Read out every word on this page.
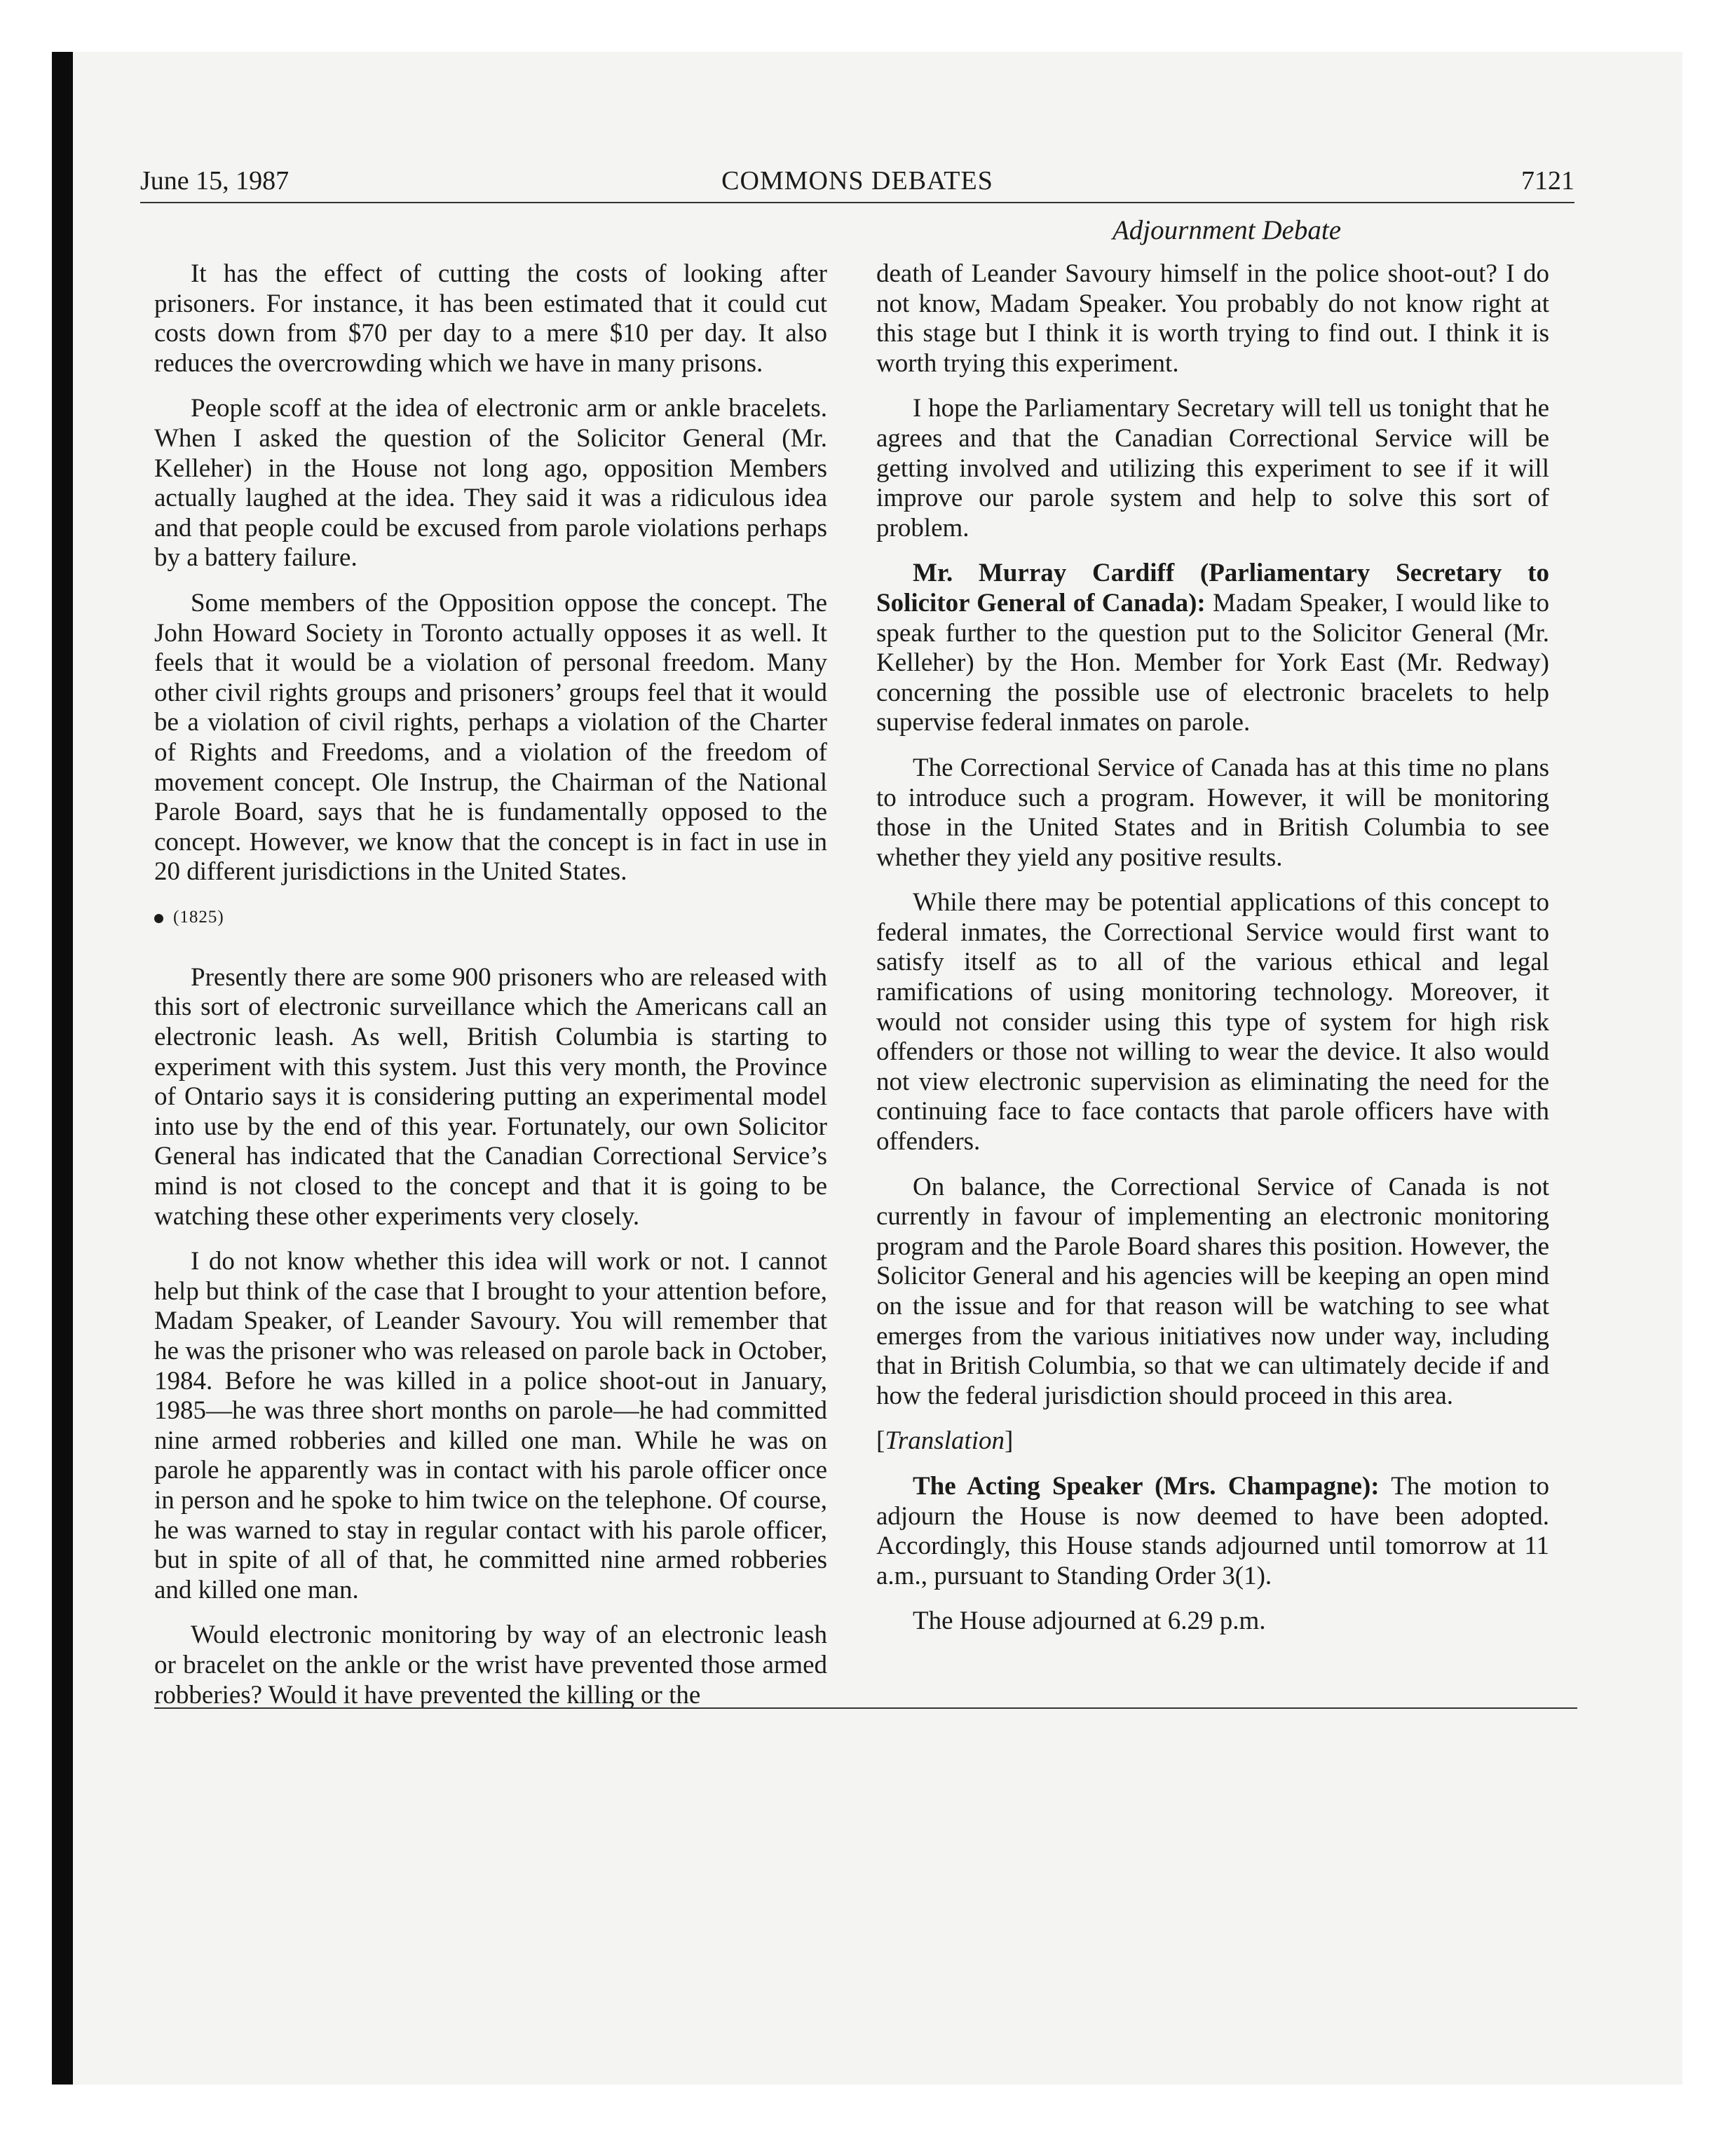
June 15, 1987	COMMONS DEBATES	7121
Adjournment Debate

It has the effect of cutting the costs of looking after prisoners. For instance, it has been estimated that it could cut costs down from $70 per day to a mere $10 per day. It also reduces the overcrowding which we have in many prisons.

People scoff at the idea of electronic arm or ankle bracelets. When I asked the question of the Solicitor General (Mr. Kelleher) in the House not long ago, opposition Members actually laughed at the idea. They said it was a ridiculous idea and that people could be excused from parole violations perhaps by a battery failure.

Some members of the Opposition oppose the concept. The John Howard Society in Toronto actually opposes it as well. It feels that it would be a violation of personal freedom. Many other civil rights groups and prisoners’ groups feel that it would be a violation of civil rights, perhaps a violation of the Charter of Rights and Freedoms, and a violation of the freedom of movement concept. Ole Instrup, the Chairman of the National Parole Board, says that he is fundamentally opposed to the concept. However, we know that the concept is in fact in use in 20 different jurisdictions in the United States.

(1825)

Presently there are some 900 prisoners who are released with this sort of electronic surveillance which the Americans call an electronic leash. As well, British Columbia is starting to experiment with this system. Just this very month, the Province of Ontario says it is considering putting an experimental model into use by the end of this year. Fortunately, our own Solicitor General has indicated that the Canadian Correctional Service’s mind is not closed to the concept and that it is going to be watching these other experiments very closely.

I do not know whether this idea will work or not. I cannot help but think of the case that I brought to your attention before, Madam Speaker, of Leander Savoury. You will remember that he was the prisoner who was released on parole back in October, 1984. Before he was killed in a police shoot-out in January, 1985—he was three short months on parole—he had committed nine armed robberies and killed one man. While he was on parole he apparently was in contact with his parole officer once in person and he spoke to him twice on the telephone. Of course, he was warned to stay in regular contact with his parole officer, but in spite of all of that, he committed nine armed robberies and killed one man.

Would electronic monitoring by way of an electronic leash or bracelet on the ankle or the wrist have prevented those armed robberies? Would it have prevented the killing or the

death of Leander Savoury himself in the police shoot-out? I do not know, Madam Speaker. You probably do not know right at this stage but I think it is worth trying to find out. I think it is worth trying this experiment.

I hope the Parliamentary Secretary will tell us tonight that he agrees and that the Canadian Correctional Service will be getting involved and utilizing this experiment to see if it will improve our parole system and help to solve this sort of problem.

Mr. Murray Cardiff (Parliamentary Secretary to Solicitor General of Canada): Madam Speaker, I would like to speak further to the question put to the Solicitor General (Mr. Kelleher) by the Hon. Member for York East (Mr. Redway) concerning the possible use of electronic bracelets to help supervise federal inmates on parole.

The Correctional Service of Canada has at this time no plans to introduce such a program. However, it will be monitoring those in the United States and in British Columbia to see whether they yield any positive results.

While there may be potential applications of this concept to federal inmates, the Correctional Service would first want to satisfy itself as to all of the various ethical and legal ramifications of using monitoring technology. Moreover, it would not consider using this type of system for high risk offenders or those not willing to wear the device. It also would not view electronic supervision as eliminating the need for the continuing face to face contacts that parole officers have with offenders.

On balance, the Correctional Service of Canada is not currently in favour of implementing an electronic monitoring program and the Parole Board shares this position. However, the Solicitor General and his agencies will be keeping an open mind on the issue and for that reason will be watching to see what emerges from the various initiatives now under way, including that in British Columbia, so that we can ultimately decide if and how the federal jurisdiction should proceed in this area.

[Translation]

The Acting Speaker (Mrs. Champagne): The motion to adjourn the House is now deemed to have been adopted. Accordingly, this House stands adjourned until tomorrow at 11 a.m., pursuant to Standing Order 3(1).

The House adjourned at 6.29 p.m.
